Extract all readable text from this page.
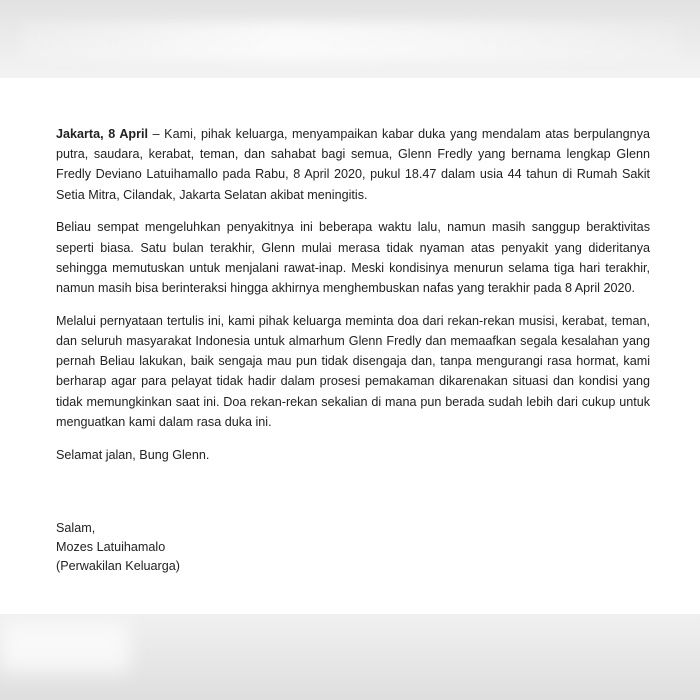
Jakarta, 8 April – Kami, pihak keluarga, menyampaikan kabar duka yang mendalam atas berpulangnya putra, saudara, kerabat, teman, dan sahabat bagi semua, Glenn Fredly yang bernama lengkap Glenn Fredly Deviano Latuihamallo pada Rabu, 8 April 2020, pukul 18.47 dalam usia 44 tahun di Rumah Sakit Setia Mitra, Cilandak, Jakarta Selatan akibat meningitis.

Beliau sempat mengeluhkan penyakitnya ini beberapa waktu lalu, namun masih sanggup beraktivitas seperti biasa. Satu bulan terakhir, Glenn mulai merasa tidak nyaman atas penyakit yang dideritanya sehingga memutuskan untuk menjalani rawat-inap. Meski kondisinya menurun selama tiga hari terakhir, namun masih bisa berinteraksi hingga akhirnya menghembuskan nafas yang terakhir pada 8 April 2020.

Melalui pernyataan tertulis ini, kami pihak keluarga meminta doa dari rekan-rekan musisi, kerabat, teman, dan seluruh masyarakat Indonesia untuk almarhum Glenn Fredly dan memaafkan segala kesalahan yang pernah Beliau lakukan, baik sengaja mau pun tidak disengaja dan, tanpa mengurangi rasa hormat, kami berharap agar para pelayat tidak hadir dalam prosesi pemakaman dikarenakan situasi dan kondisi yang tidak memungkinkan saat ini. Doa rekan-rekan sekalian di mana pun berada sudah lebih dari cukup untuk menguatkan kami dalam rasa duka ini.

Selamat jalan, Bung Glenn.

Salam,
Mozes Latuihamalo
(Perwakilan Keluarga)
